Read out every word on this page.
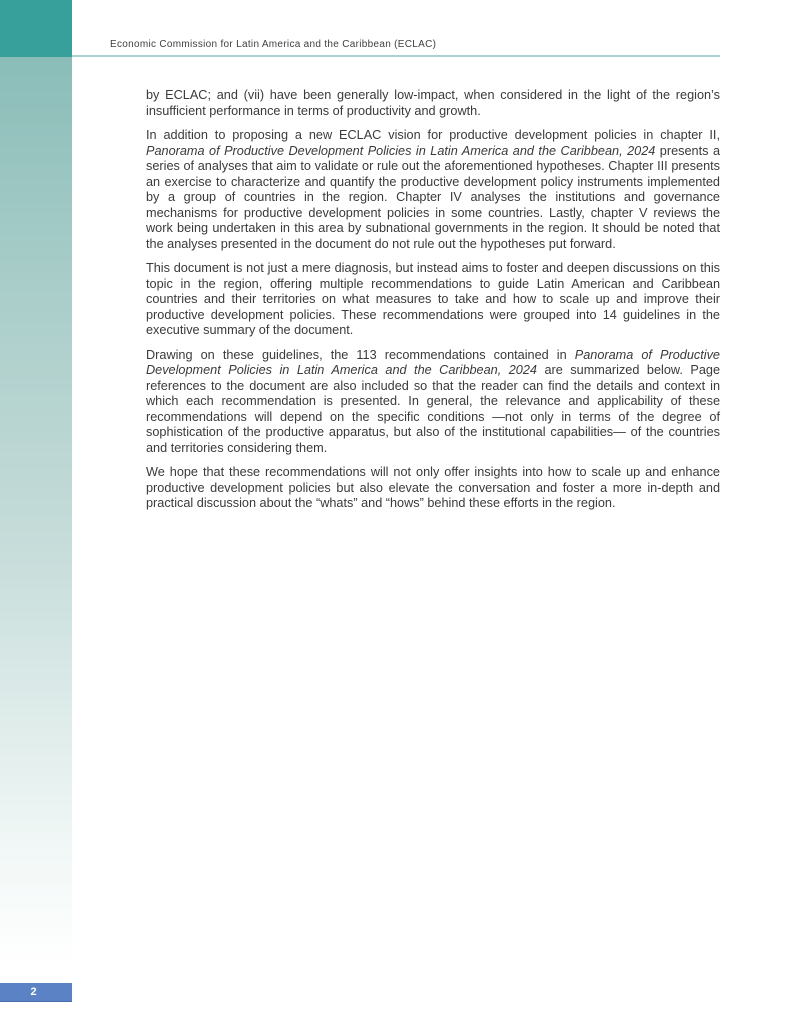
Economic Commission for Latin America and the Caribbean (ECLAC)

by ECLAC; and (vii) have been generally low-impact, when considered in the light of the region’s insufficient performance in terms of productivity and growth.

In addition to proposing a new ECLAC vision for productive development policies in chapter II, Panorama of Productive Development Policies in Latin America and the Caribbean, 2024 presents a series of analyses that aim to validate or rule out the aforementioned hypotheses. Chapter III presents an exercise to characterize and quantify the productive development policy instruments implemented by a group of countries in the region. Chapter IV analyses the institutions and governance mechanisms for productive development policies in some countries. Lastly, chapter V reviews the work being undertaken in this area by subnational governments in the region. It should be noted that the analyses presented in the document do not rule out the hypotheses put forward.

This document is not just a mere diagnosis, but instead aims to foster and deepen discussions on this topic in the region, offering multiple recommendations to guide Latin American and Caribbean countries and their territories on what measures to take and how to scale up and improve their productive development policies. These recommendations were grouped into 14 guidelines in the executive summary of the document.

Drawing on these guidelines, the 113 recommendations contained in Panorama of Productive Development Policies in Latin America and the Caribbean, 2024 are summarized below. Page references to the document are also included so that the reader can find the details and context in which each recommendation is presented. In general, the relevance and applicability of these recommendations will depend on the specific conditions —not only in terms of the degree of sophistication of the productive apparatus, but also of the institutional capabilities— of the countries and territories considering them.

We hope that these recommendations will not only offer insights into how to scale up and enhance productive development policies but also elevate the conversation and foster a more in-depth and practical discussion about the “whats” and “hows” behind these efforts in the region.

2
